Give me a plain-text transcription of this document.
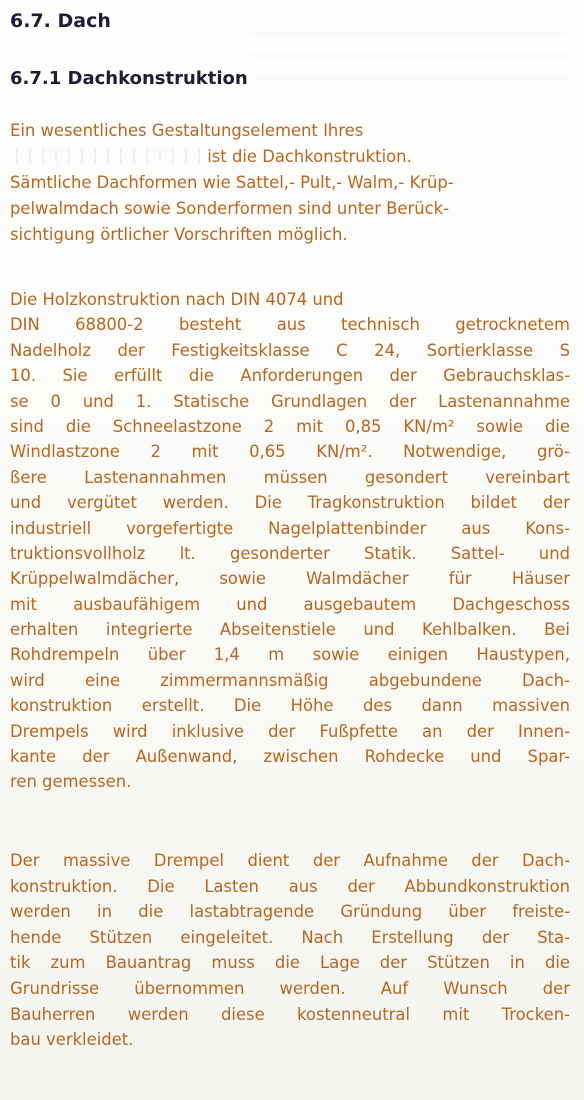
6.7. Dach
6.7.1 Dachkonstruktion
Ein wesentliches Gestaltungselement Ihres
ist die Dachkonstruktion.
Sämtliche Dachformen wie Sattel,- Pult,- Walm,- Krüp-
pelwalmdach sowie Sonderformen sind unter Berück-
sichtigung örtlicher Vorschriften möglich.
Die Holzkonstruktion nach DIN 4074 und
DIN 68800-2 besteht aus technisch getrocknetem
Nadelholz der Festigkeitsklasse C 24, Sortierklasse S
10. Sie erfüllt die Anforderungen der Gebrauchsklas-
se 0 und 1. Statische Grundlagen der Lastenannahme
sind die Schneelastzone 2 mit 0,85 KN/m² sowie die
Windlastzone 2 mit 0,65 KN/m². Notwendige, grö-
ßere Lastenannahmen müssen gesondert vereinbart
und vergütet werden. Die Tragkonstruktion bildet der
industriell vorgefertigte Nagelplattenbinder aus Kons-
truktionsvollholz lt. gesonderter Statik. Sattel- und
Krüppelwalmdächer, sowie Walmdächer für Häuser
mit ausbaufähigem und ausgebautem Dachgeschoss
erhalten integrierte Abseitenstiele und Kehlbalken. Bei
Rohdrempeln über 1,4 m sowie einigen Haustypen,
wird eine zimmermannsmäßig abgebundene Dach-
konstruktion erstellt. Die Höhe des dann massiven
Drempels wird inklusive der Fußpfette an der Innen-
kante der Außenwand, zwischen Rohdecke und Spar-
ren gemessen.
Der massive Drempel dient der Aufnahme der Dach-
konstruktion. Die Lasten aus der Abbundkonstruktion
werden in die lastabtragende Gründung über freiste-
hende Stützen eingeleitet. Nach Erstellung der Sta-
tik zum Bauantrag muss die Lage der Stützen in die
Grundrisse übernommen werden. Auf Wunsch der
Bauherren werden diese kostenneutral mit Trocken-
bau verkleidet.
